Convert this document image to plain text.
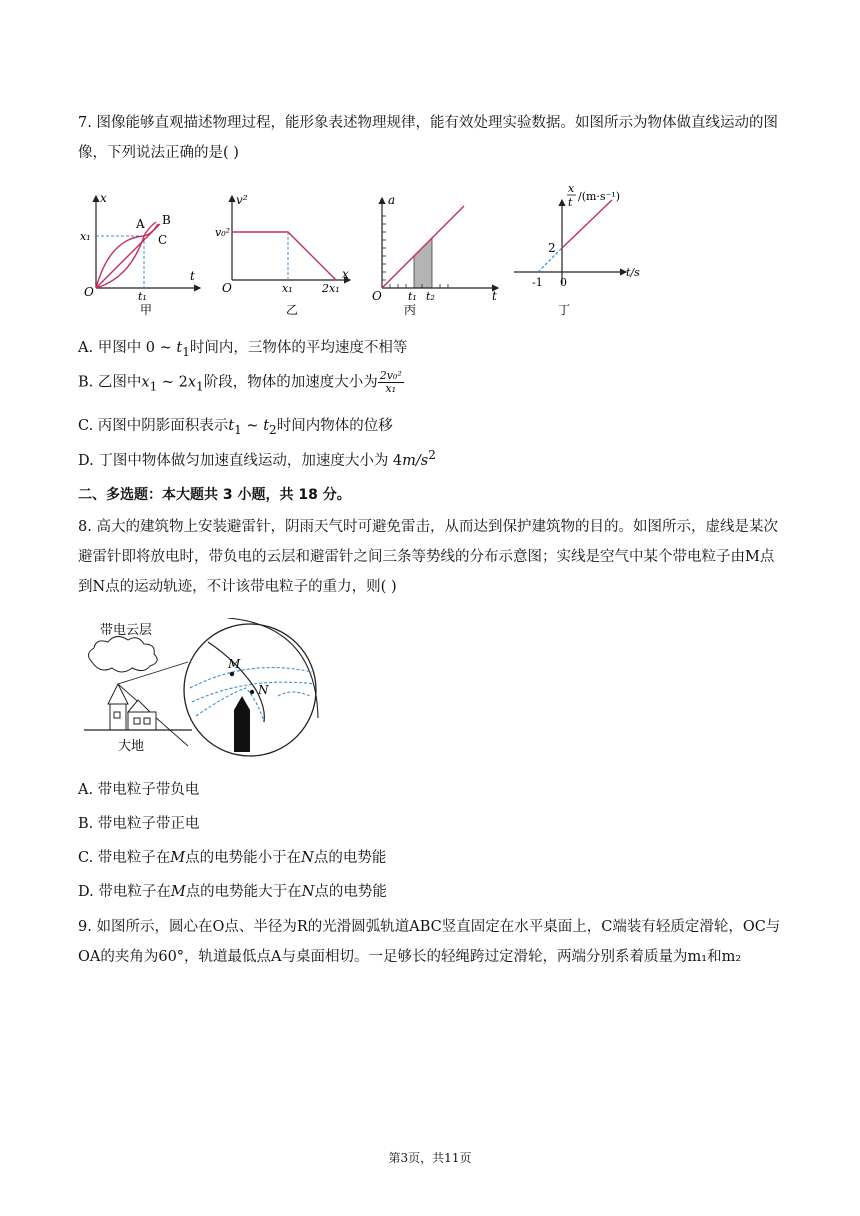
7. 图像能够直观描述物理过程，能形象表述物理规律，能有效处理实验数据。如图所示为物体做直线运动的图像，下列说法正确的是( )

x
t
x₁
t₁
O
A B
C
甲
v²
x
v₀²
x₁	2x₁
O
乙
a
t
t₁ t₂
O
丙
x
t /(m·s⁻¹)
t/s
2
-1 0
丁
A. 甲图中 0 ~ $t_1$时间内，三物体的平均速度不相等
B. 乙图中$x_1$ ~ $2x_1$阶段，物体的加速度大小为 $\frac{\text{2v₀²}}{\text{x₁}}$
C. 丙图中阴影面积表示$t_1$ ~ $t_2$时间内物体的位移
D. 丁图中物体做匀加速直线运动，加速度大小为 $4m/s^2$
二、多选题：本大题共 3 小题，共 18 分。

8. 高大的建筑物上安装避雷针，阴雨天气时可避免雷击，从而达到保护建筑物的目的。如图所示，虚线是某次避雷针即将放电时，带负电的云层和避雷针之间三条等势线的分布示意图；实线是空气中某个带电粒子由M点到N点的运动轨迹，不计该带电粒子的重力，则( )

带电云层
大地
M
N
A. 带电粒子带负电
B. 带电粒子带正电
C. 带电粒子在M点的电势能小于在N点的电势能
D. 带电粒子在M点的电势能大于在N点的电势能

9. 如图所示，圆心在O点、半径为R的光滑圆弧轨道ABC竖直固定在水平桌面上，C端装有轻质定滑轮，OC与OA的夹角为60°，轨道最低点A与桌面相切。一足够长的轻绳跨过定滑轮，两端分别系着质量为m₁和m₂

第3页，共11页
